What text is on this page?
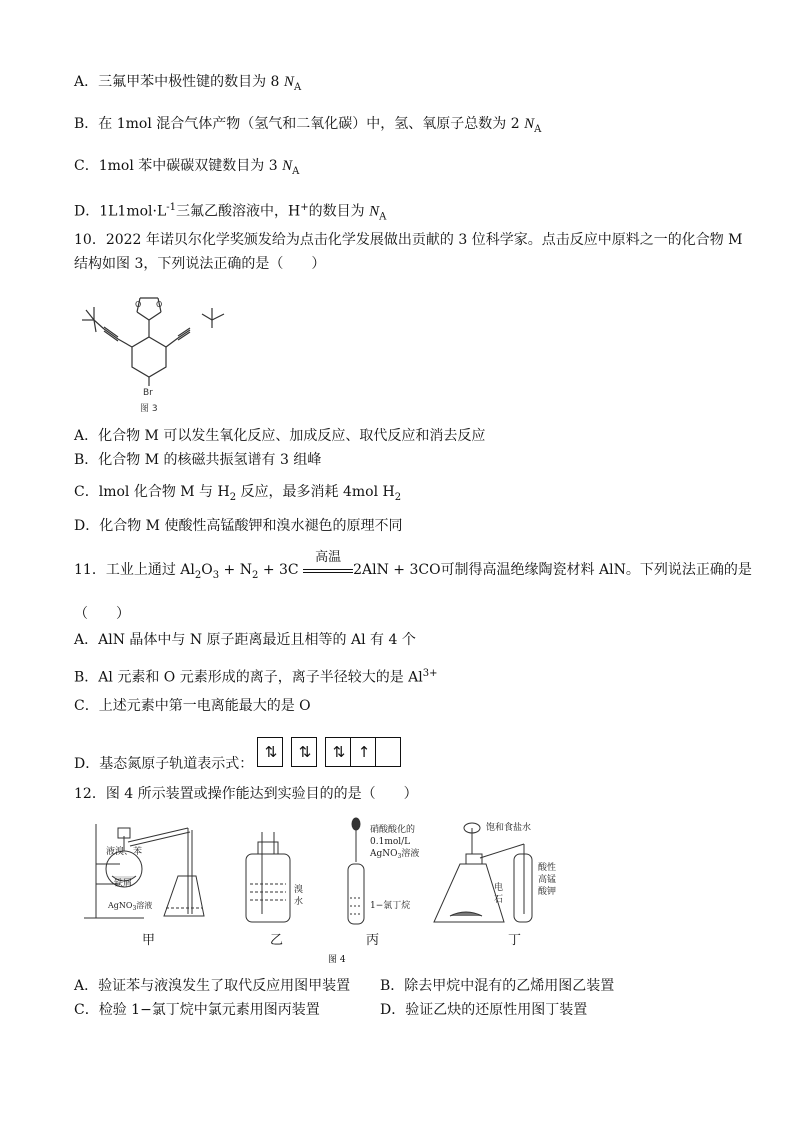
A．三氟甲苯中极性键的数目为 8 $N_A$
B．在 1mol 混合气体产物（氢气和二氧化碳）中，氢、氧原子总数为 2 $N_A$
C．1mol 苯中碳碳双键数目为 3 $N_A$
D．$1L1mol\cdot L^{-1}$三氟乙酸溶液中，H+的数目为 $N_A$
10．2022 年诺贝尔化学奖颁发给为点击化学发展做出贡献的 3 位科学家。点击反应中原料之一的化合物 M
结构如图 3，下列说法正确的是（　　）
O O
Br
图 3
A．化合物 M 可以发生氧化反应、加成反应、取代反应和消去反应
B．化合物 M 的核磁共振氢谱有 3 组峰
C．lmol 化合物 M 与 $H_2$ 反应，最多消耗 4mol $H_2$
D．化合物 M 使酸性高锰酸钾和溴水褪色的原理不同
11．工业上通过 $Al_2O_3 + N_2 + 3C$
高温
2AlN + 3CO可制得高温绝缘陶瓷材料 AlN。下列说法正确的是
（　　）
A．AlN 晶体中与 N 原子距离最近且相等的 Al 有 4 个
B．Al 元素和 O 元素形成的离子，离子半径较大的是 $Al^{3+}$
C．上述元素中第一电离能最大的是 O
D．基态氮原子轨道表示式：
⇅	⇅	⇅ ↑
12．图 4 所示装置或操作能达到实验目的的是（　　）
液溴、苯
铁屑
AgNO$_3$溶液
溴
水
硝酸酸化的
0.1mol/L
AgNO$_3$溶液
1−氯丁烷
饱和食盐水
电
石
酸性
高锰
酸钾
甲	乙	丙	丁
图 4
A．验证苯与液溴发生了取代反应用图甲装置 B．除去甲烷中混有的乙烯用图乙装置
C．检验 1−氯丁烷中氯元素用图丙装置	D．验证乙炔的还原性用图丁装置
